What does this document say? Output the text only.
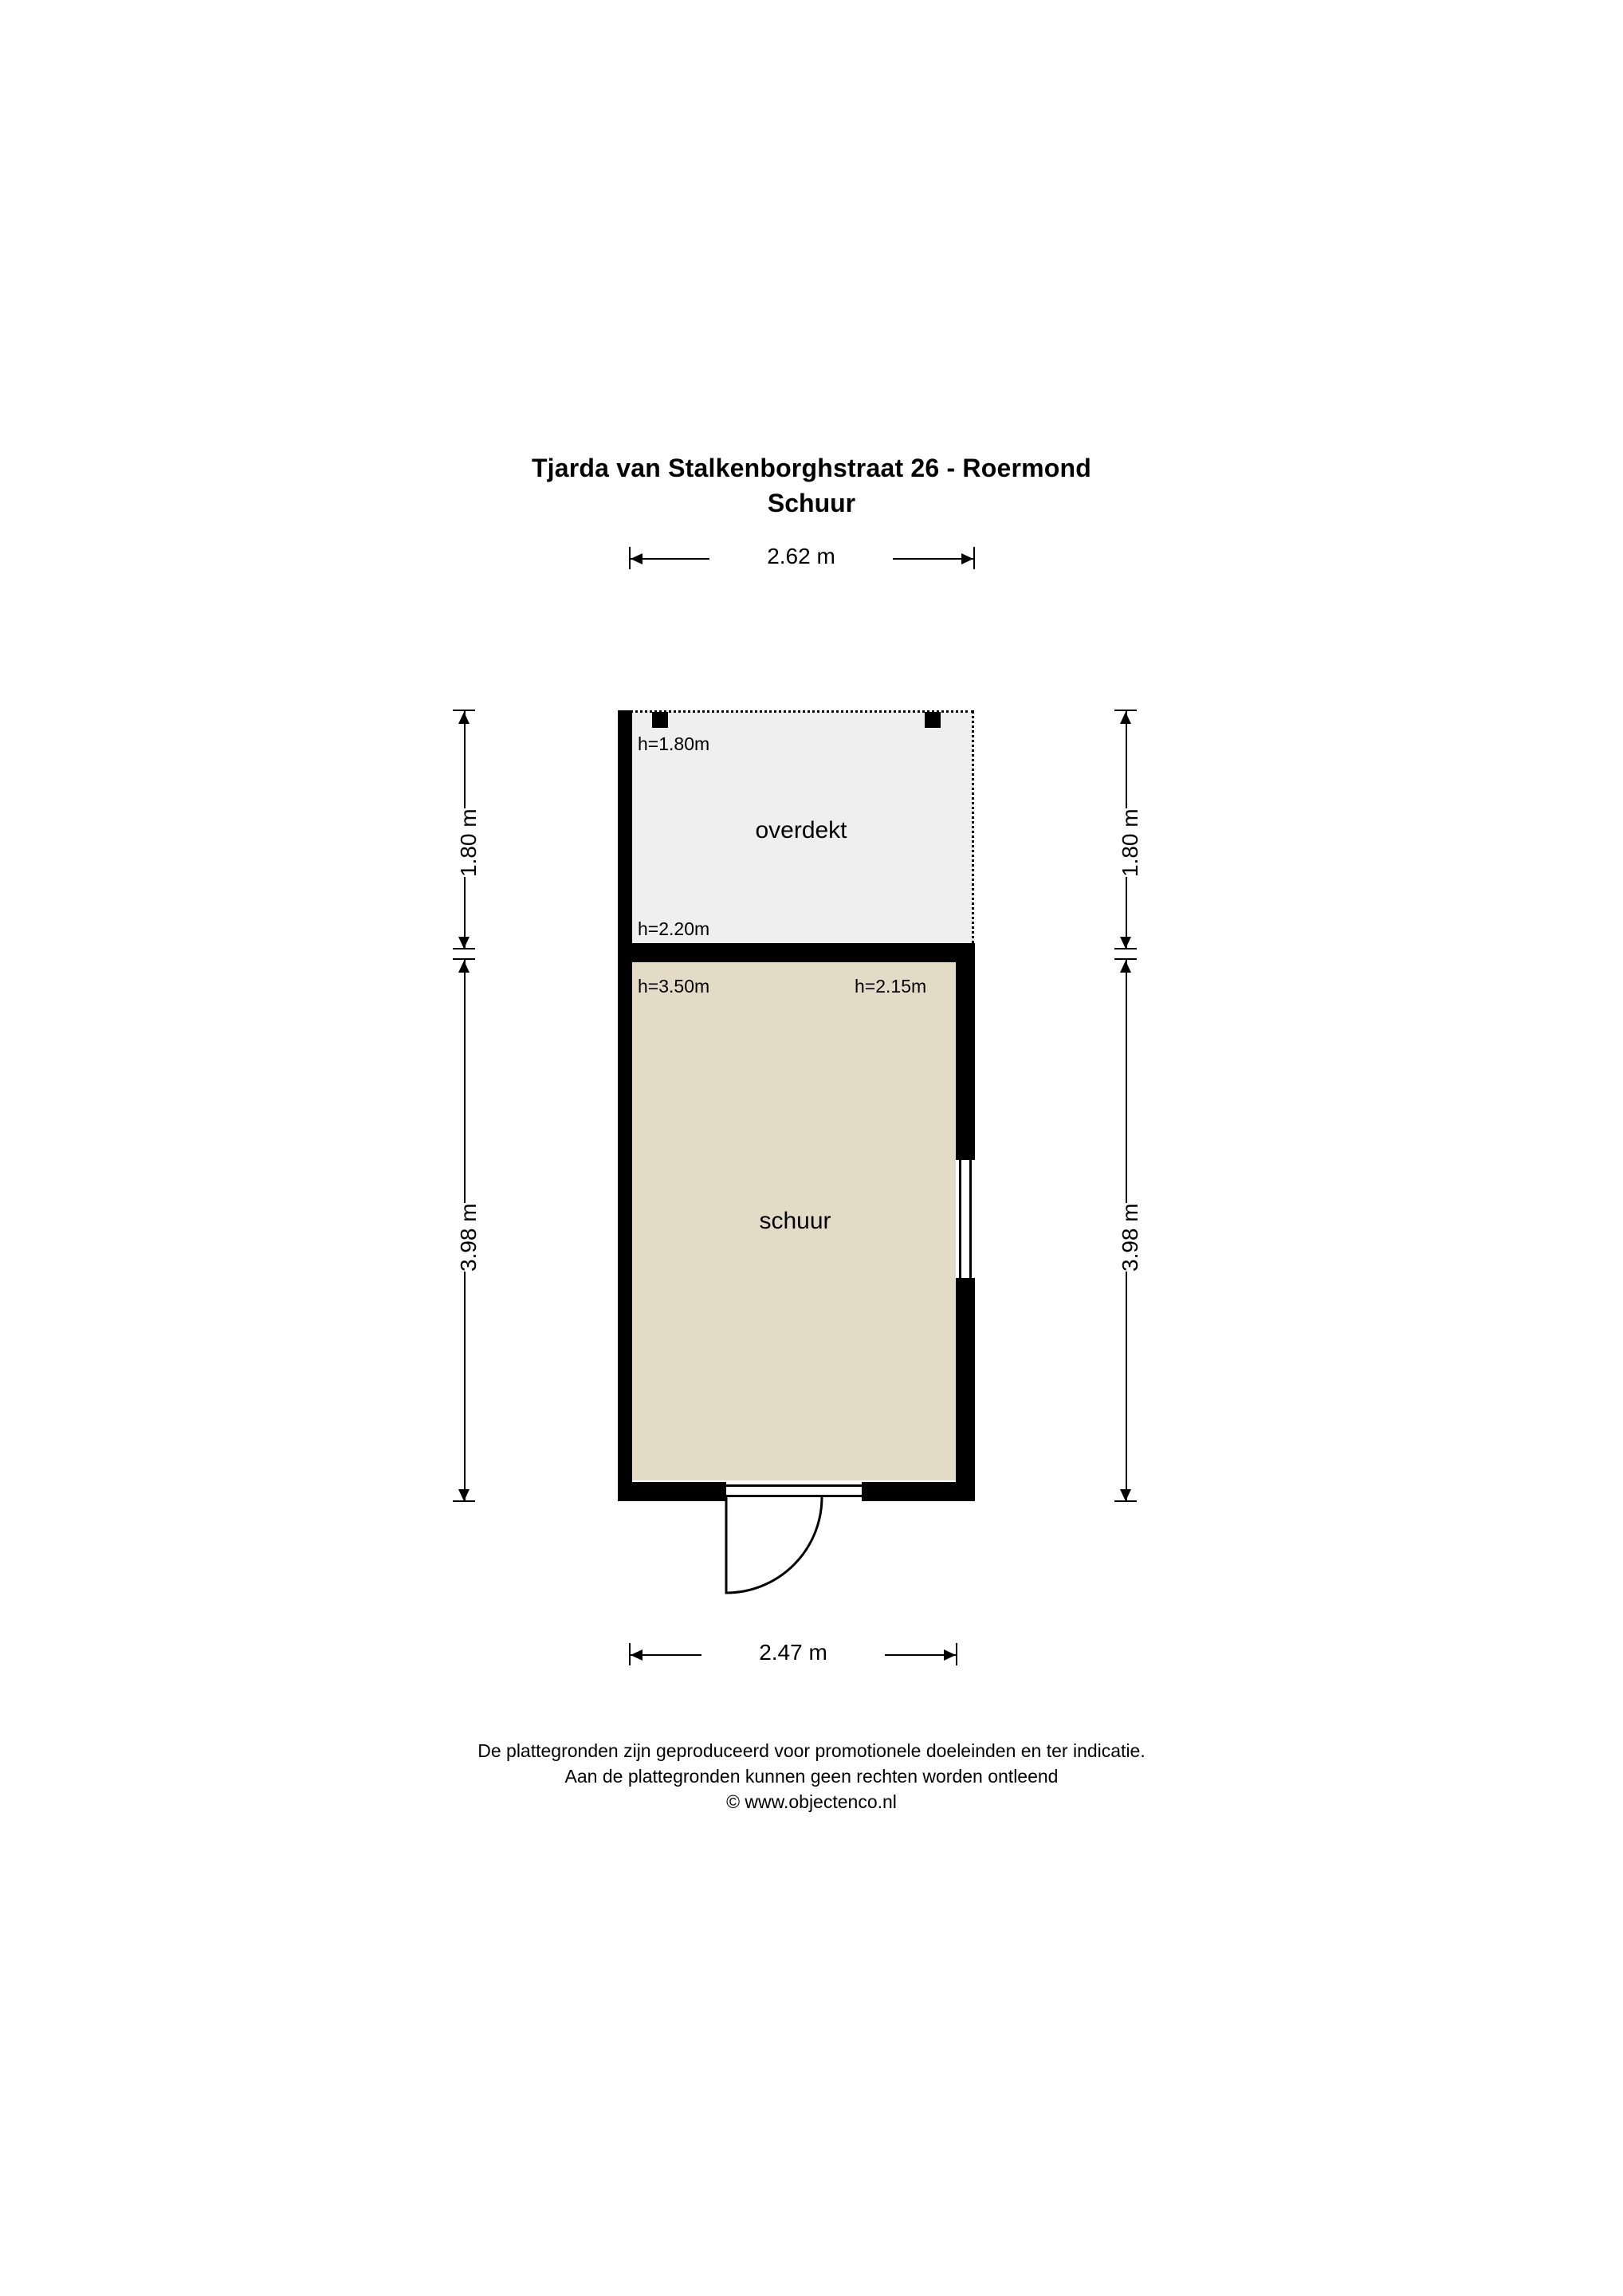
Tjarda van Stalkenborghstraat 26 - Roermond
Schuur
h=1.80m
h=2.20m
h=3.50m	h=2.15m
overdekt
schuur
2.62 m
2.47 m
1.80 m
3.98 m
1.80 m
3.98 m
De plattegronden zijn geproduceerd voor promotionele doeleinden en ter indicatie.
Aan de plattegronden kunnen geen rechten worden ontleend
© www.objectenco.nl
